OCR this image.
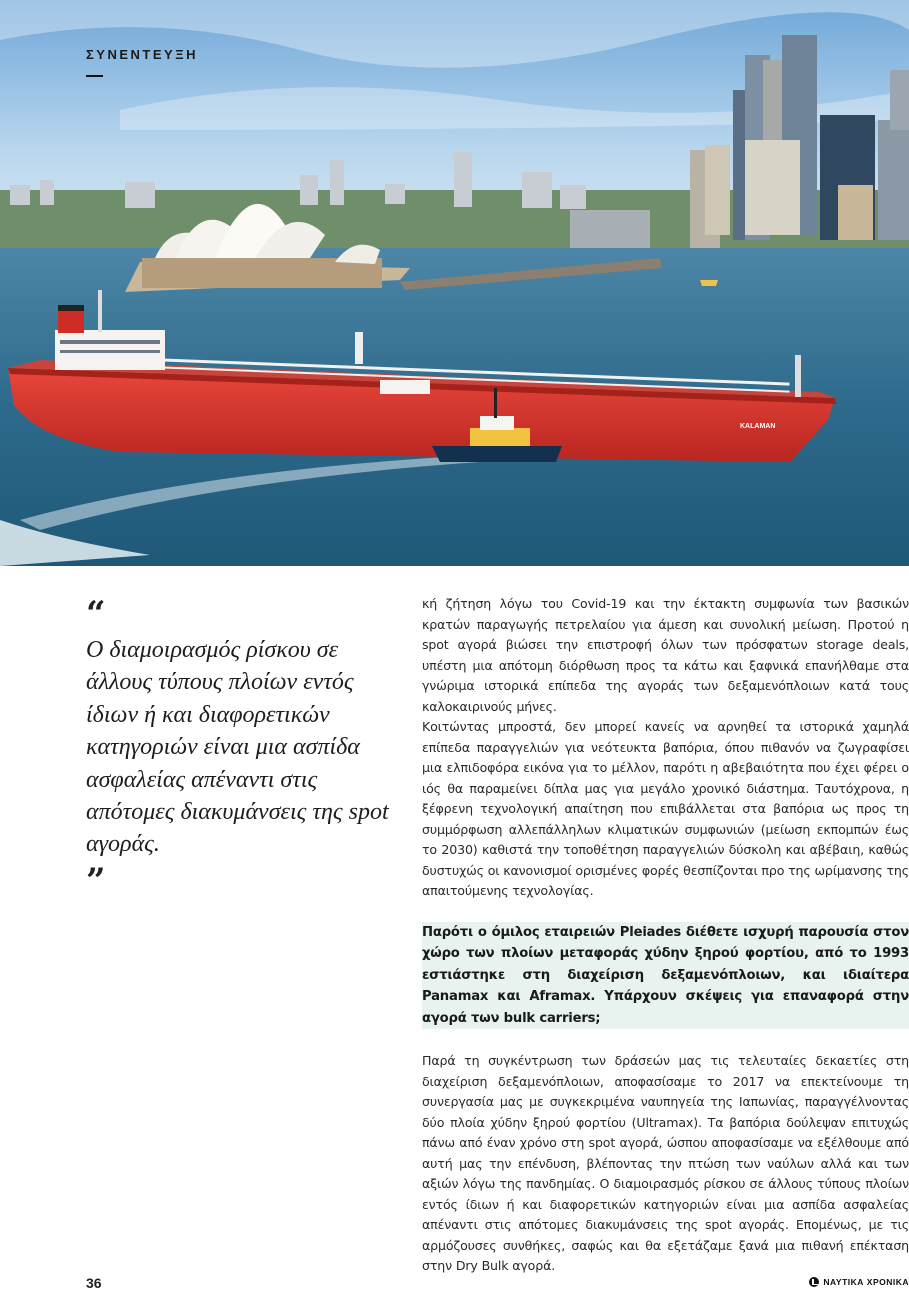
KALAMAN
ΣΥΝΕΝΤΕΥΞΗ
“

Ο διαμοιρασμός ρίσκου σε άλλους τύπους πλοίων εντός ίδιων ή και διαφορετικών κατηγοριών είναι μια ασπίδα ασφαλείας απέναντι στις απότομες διακυμάνσεις της spot αγοράς.

”

κή ζήτηση λόγω του Covid-19 και την έκτακτη συμφωνία των βασικών κρατών παραγωγής πετρελαίου για άμεση και συνολική μείωση. Προτού η spot αγορά βιώσει την επιστροφή όλων των πρόσφατων storage deals, υπέστη μια απότομη διόρθωση προς τα κάτω και ξαφνικά επανήλθαμε στα γνώριμα ιστορικά επίπεδα της αγοράς των δεξαμενόπλοιων κατά τους καλοκαιρινούς μήνες.

Κοιτώντας μπροστά, δεν μπορεί κανείς να αρνηθεί τα ιστορικά χαμηλά επίπεδα παραγγελιών για νεότευκτα βαπόρια, όπου πιθανόν να ζωγραφίσει μια ελπιδοφόρα εικόνα για το μέλλον, παρότι η αβεβαιότητα που έχει φέρει ο ιός θα παραμείνει δίπλα μας για μεγάλο χρονικό διάστημα. Ταυτόχρονα, η ξέφρενη τεχνολογική απαίτηση που επιβάλλεται στα βαπόρια ως προς τη συμμόρφωση αλλεπάλληλων κλιματικών συμφωνιών (μείωση εκπομπών έως το 2030) καθιστά την τοποθέτηση παραγγελιών δύσκολη και αβέβαιη, καθώς δυστυχώς οι κανονισμοί ορισμένες φορές θεσπίζονται προ της ωρίμανσης της απαιτούμενης τεχνολογίας.

Παρότι ο όμιλος εταιρειών Pleiades διέθετε ισχυρή παρουσία στον χώρο των πλοίων μεταφοράς χύδην ξηρού φορτίου, από το 1993 εστιάστηκε στη διαχείριση δεξαμενόπλοιων, και ιδιαίτερα Panamax και Aframax. Υπάρχουν σκέψεις για επαναφορά στην αγορά των bulk carriers;

Παρά τη συγκέντρωση των δράσεών μας τις τελευταίες δεκαετίες στη διαχείριση δεξαμενόπλοιων, αποφασίσαμε το 2017 να επεκτείνουμε τη συνεργασία μας με συγκεκριμένα ναυπηγεία της Ιαπωνίας, παραγγέλνοντας δύο πλοία χύδην ξηρού φορτίου (Ultramax). Τα βαπόρια δούλεψαν επιτυχώς πάνω από έναν χρόνο στη spot αγορά, ώσπου αποφασίσαμε να εξέλθουμε από αυτή μας την επένδυση, βλέποντας την πτώση των ναύλων αλλά και των αξιών λόγω της πανδημίας. Ο διαμοιρασμός ρίσκου σε άλλους τύπους πλοίων εντός ίδιων ή και διαφορετικών κατηγοριών είναι μια ασπίδα ασφαλείας απέναντι στις απότομες διακυμάνσεις της spot αγοράς. Επομένως, με τις αρμόζουσες συνθήκες, σαφώς και θα εξετάζαμε ξανά μια πιθανή επέκταση στην Dry Bulk αγορά.

36	ΝΑΥΤΙΚΑ ΧΡΟΝΙΚΑ
